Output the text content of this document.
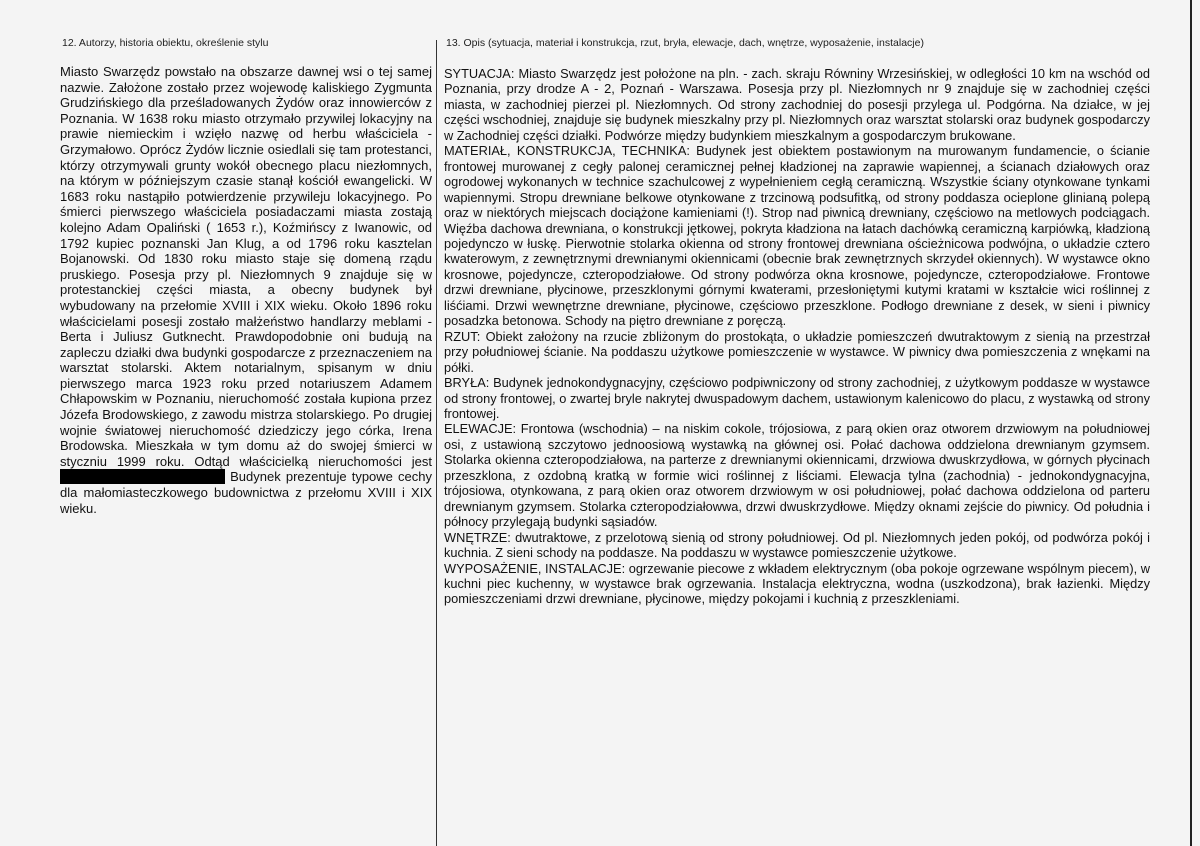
12. Autorzy, historia obiektu, określenie stylu	13. Opis (sytuacja, materiał i konstrukcja, rzut, bryła, elewacje, dach, wnętrze, wyposażenie, instalacje)

Miasto Swarzędz powstało na obszarze dawnej wsi o tej samej nazwie. Założone zostało przez wojewodę kaliskiego Zygmunta Grudzińskiego dla prześladowanych Żydów oraz innowierców z Poznania. W 1638 roku miasto otrzymało przywilej lokacyjny na prawie niemieckim i wzięło nazwę od herbu właściciela - Grzymałowo. Oprócz Żydów licznie osiedlali się tam protestanci, którzy otrzymywali grunty wokół obecnego placu niezłomnych, na którym w późniejszym czasie stanął kościół ewangelicki. W 1683 roku nastąpiło potwierdzenie przywileju lokacyjnego. Po śmierci pierwszego właściciela posiadaczami miasta zostają kolejno Adam Opaliński ( 1653 r.), Koźmińscy z Iwanowic, od 1792 kupiec poznanski Jan Klug, a od 1796 roku kasztelan Bojanowski. Od 1830 roku miasto staje się domeną rządu pruskiego. Posesja przy pl. Niezłomnych 9 znajduje się w protestanckiej części miasta, a obecny budynek był wybudowany na przełomie XVIII i XIX wieku. Około 1896 roku właścicielami posesji zostało małżeństwo handlarzy meblami - Berta i Juliusz Gutknecht. Prawdopodobnie oni budują na zapleczu działki dwa budynki gospodarcze z przeznaczeniem na warsztat stolarski. Aktem notarialnym, spisanym w dniu pierwszego marca 1923 roku przed notariuszem Adamem Chłapowskim w Poznaniu, nieruchomość została kupiona przez Józefa Brodowskiego, z zawodu mistrza stolarskiego. Po drugiej wojnie światowej nieruchomość dziedziczy jego córka, Irena Brodowska. Mieszkała w tym domu aż do swojej śmierci w styczniu 1999 roku. Odtąd właścicielką nieruchomości jest  Budynek prezentuje typowe cechy dla małomiasteczkowego budownictwa z przełomu XVIII i XIX wieku.

SYTUACJA: Miasto Swarzędz jest położone na pln. - zach. skraju Równiny Wrzesińskiej, w odległości 10 km na wschód od Poznania, przy drodze A - 2, Poznań - Warszawa. Posesja przy pl. Niezłomnych nr 9 znajduje się w zachodniej części miasta, w zachodniej pierzei pl. Niezłomnych. Od strony zachodniej do posesji przylega ul. Podgórna. Na działce, w jej części wschodniej, znajduje się budynek mieszkalny przy pl. Niezłomnych oraz warsztat stolarski oraz budynek gospodarczy w Zachodniej części działki. Podwórze między budynkiem mieszkalnym a gospodarczym brukowane.

MATERIAŁ, KONSTRUKCJA, TECHNIKA: Budynek jest obiektem postawionym na murowanym fundamencie, o ścianie frontowej murowanej z cegły palonej ceramicznej pełnej kładzionej na zaprawie wapiennej, a ścianach działowych oraz ogrodowej wykonanych w technice szachulcowej z wypełnieniem cegłą ceramiczną. Wszystkie ściany otynkowane tynkami wapiennymi. Stropu drewniane belkowe otynkowane z trzcinową podsufitką, od strony poddasza ocieplone glinianą polepą oraz w niektórych miejscach dociążone kamieniami (!). Strop nad piwnicą drewniany, częściowo na metlowych podciągach. Więźba dachowa drewniana, o konstrukcji jętkowej, pokryta kładziona na łatach dachówką ceramiczną karpiówką, kładzioną pojedynczo w łuskę. Pierwotnie stolarka okienna od strony frontowej drewniana ościeżnicowa podwójna, o układzie cztero kwaterowym, z zewnętrznymi drewnianymi okiennicami (obecnie brak zewnętrznych skrzydeł okiennych). W wystawce okno krosnowe, pojedyncze, czteropodziałowe. Od strony podwórza okna krosnowe, pojedyncze, czteropodziałowe. Frontowe drzwi drewniane, płycinowe, przeszklonymi górnymi kwaterami, przesłoniętymi kutymi kratami w kształcie wici roślinnej z liśćiami. Drzwi wewnętrzne drewniane, płycinowe, częściowo przeszklone. Podłogo drewniane z desek, w sieni i piwnicy posadzka betonowa. Schody na piętro drewniane z poręczą.

RZUT: Obiekt założony na rzucie zbliżonym do prostokąta, o układzie pomieszczeń dwutraktowym z sienią na przestrzał przy południowej ścianie. Na poddaszu użytkowe pomieszczenie w wystawce. W piwnicy dwa pomieszczenia z wnękami na półki.

BRYŁA: Budynek jednokondygnacyjny, częściowo podpiwniczony od strony zachodniej, z użytkowym poddasze w wystawce od strony frontowej, o zwartej bryle nakrytej dwuspadowym dachem, ustawionym kalenicowo do placu, z wystawką od strony frontowej.

ELEWACJE: Frontowa (wschodnia) – na niskim cokole, trójosiowa, z parą okien oraz otworem drzwiowym na południowej osi, z ustawioną szczytowo jednoosiową wystawką na głównej osi. Połać dachowa oddzielona drewnianym gzymsem. Stolarka okienna czteropodziałowa, na parterze z drewnianymi okiennicami, drzwiowa dwuskrzydłowa, w górnych płycinach przeszklona, z ozdobną kratką w formie wici roślinnej z liściami. Elewacja tylna (zachodnia) - jednokondygnacyjna, trójosiowa, otynkowana, z parą okien oraz otworem drzwiowym w osi południowej, połać dachowa oddzielona od parteru drewnianym gzymsem. Stolarka czteropodziałowwa, drzwi dwuskrzydłowe. Między oknami zejście do piwnicy. Od południa i północy przylegają budynki sąsiadów.

WNĘTRZE: dwutraktowe, z przelotową sienią od strony południowej. Od pl. Niezłomnych jeden pokój, od podwórza pokój i kuchnia. Z sieni schody na poddasze. Na poddaszu w wystawce pomieszczenie użytkowe.

WYPOSAŻENIE, INSTALACJE: ogrzewanie piecowe z wkładem elektrycznym (oba pokoje ogrzewane wspólnym piecem), w kuchni piec kuchenny, w wystawce brak ogrzewania. Instalacja elektryczna, wodna (uszkodzona), brak łazienki. Między pomieszczeniami drzwi drewniane, płycinowe, między pokojami i kuchnią z przeszkleniami.
